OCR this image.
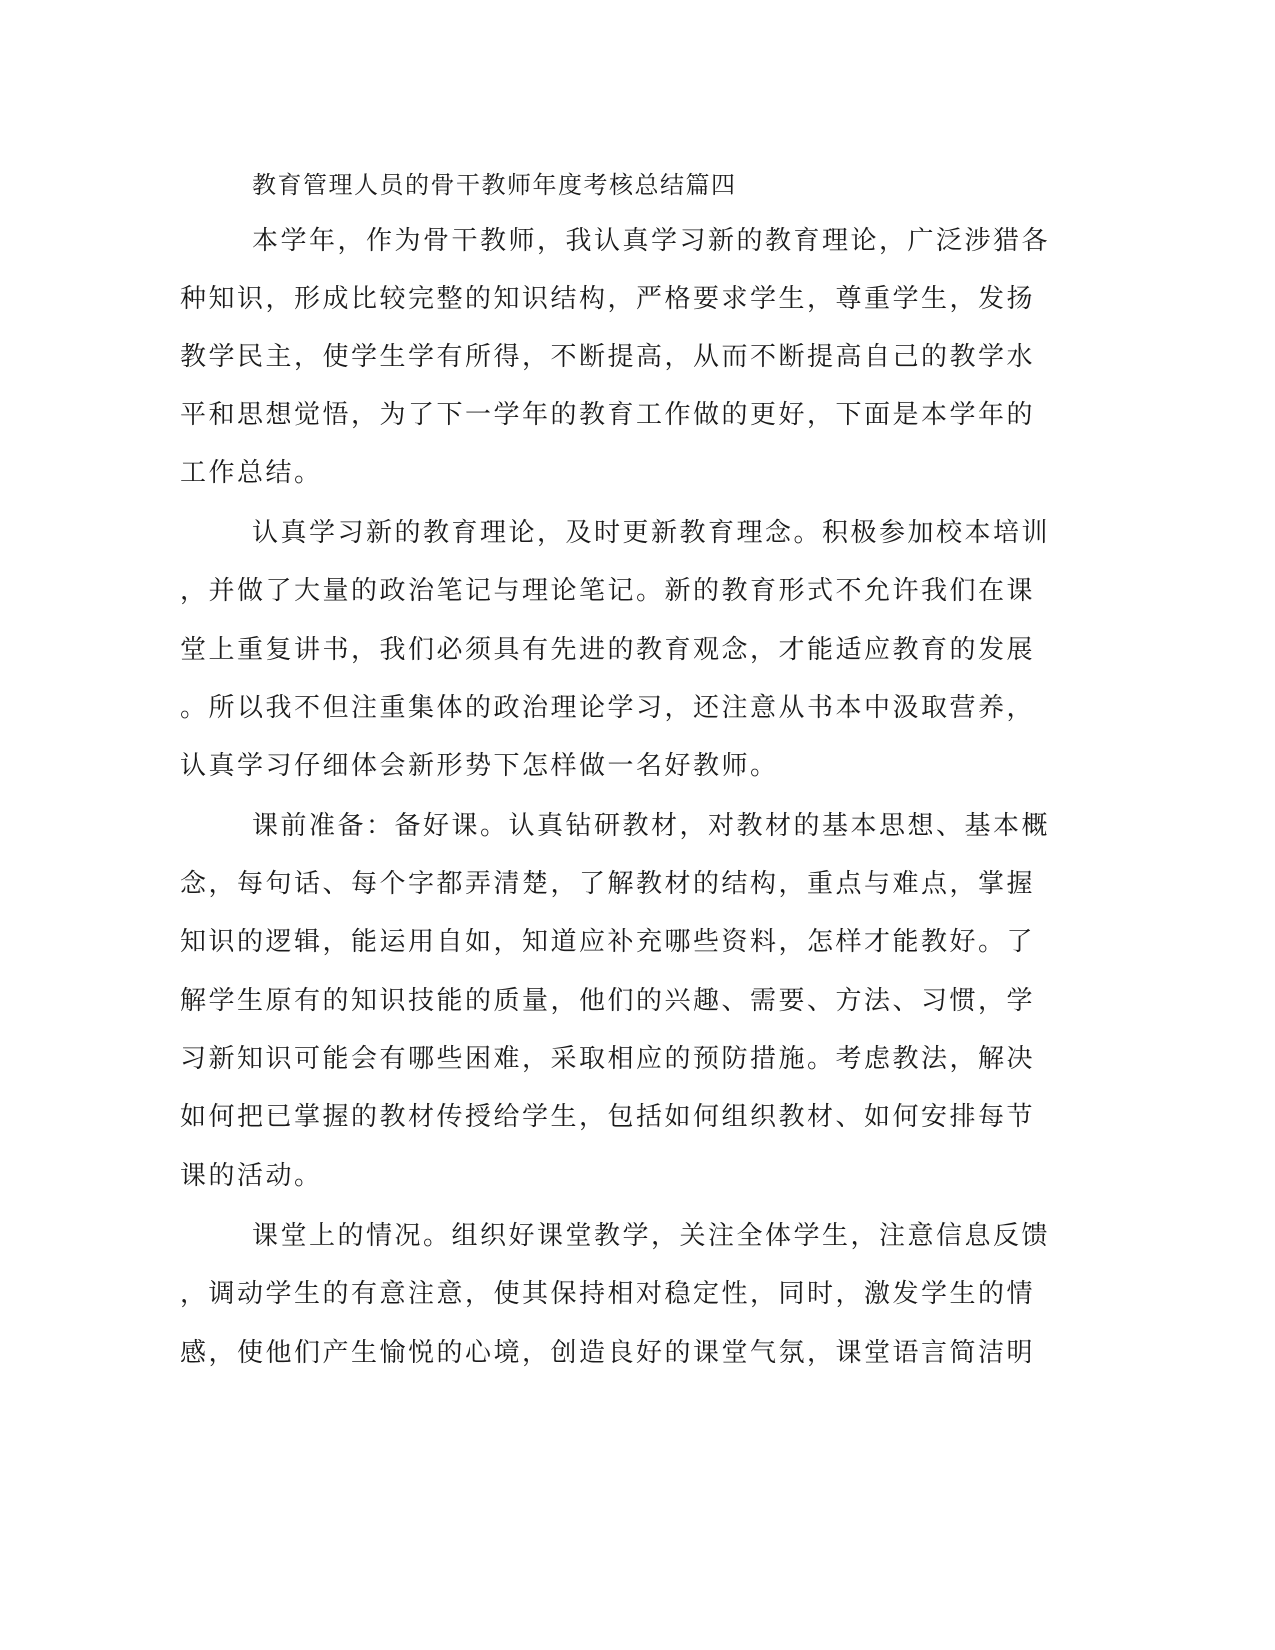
教育管理人员的骨干教师年度考核总结篇四
本学年，作为骨干教师，我认真学习新的教育理论，广泛涉猎各
种知识，形成比较完整的知识结构，严格要求学生，尊重学生，发扬
教学民主，使学生学有所得，不断提高，从而不断提高自己的教学水
平和思想觉悟，为了下一学年的教育工作做的更好，下面是本学年的
工作总结。
认真学习新的教育理论，及时更新教育理念。积极参加校本培训
，并做了大量的政治笔记与理论笔记。新的教育形式不允许我们在课
堂上重复讲书，我们必须具有先进的教育观念，才能适应教育的发展
。所以我不但注重集体的政治理论学习，还注意从书本中汲取营养，
认真学习仔细体会新形势下怎样做一名好教师。
课前准备：备好课。认真钻研教材，对教材的基本思想、基本概
念，每句话、每个字都弄清楚，了解教材的结构，重点与难点，掌握
知识的逻辑，能运用自如，知道应补充哪些资料，怎样才能教好。了
解学生原有的知识技能的质量，他们的兴趣、需要、方法、习惯，学
习新知识可能会有哪些困难，采取相应的预防措施。考虑教法，解决
如何把已掌握的教材传授给学生，包括如何组织教材、如何安排每节
课的活动。
课堂上的情况。组织好课堂教学，关注全体学生，注意信息反馈
，调动学生的有意注意，使其保持相对稳定性，同时，激发学生的情
感，使他们产生愉悦的心境，创造良好的课堂气氛，课堂语言简洁明
